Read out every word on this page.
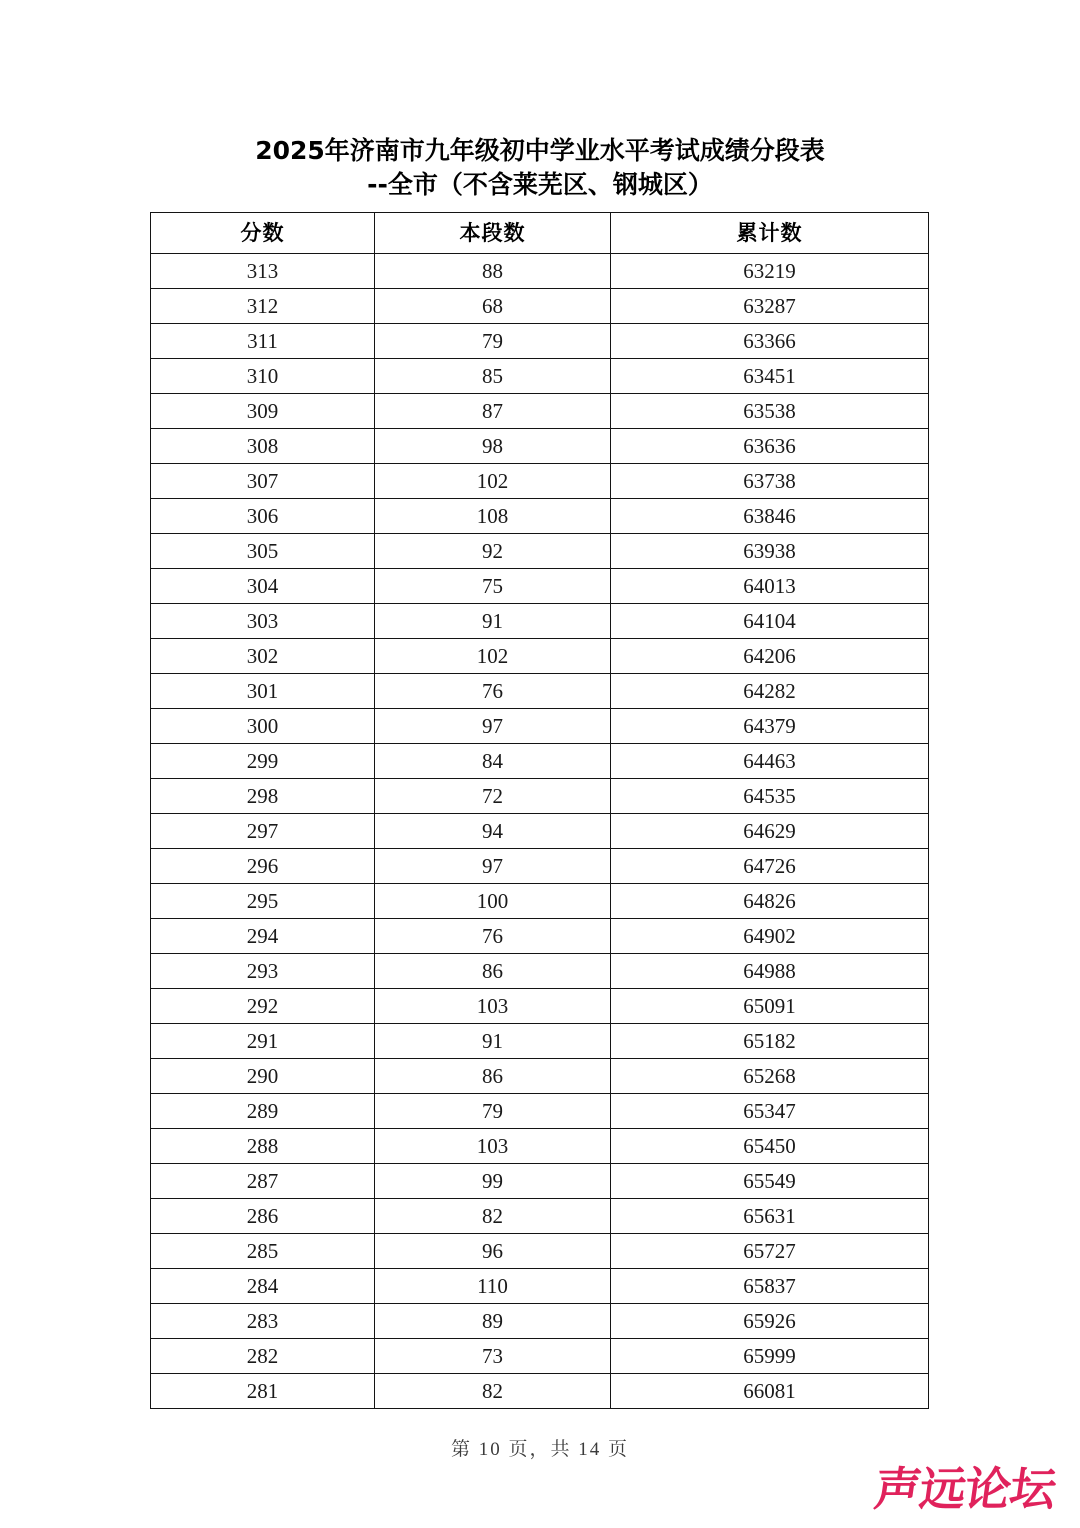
2025年济南市九年级初中学业水平考试成绩分段表
--全市（不含莱芜区、钢城区）
分数	本段数	累计数
313	88	63219
312	68	63287
311	79	63366
310	85	63451
309	87	63538
308	98	63636
307	102	63738
306	108	63846
305	92	63938
304	75	64013
303	91	64104
302	102	64206
301	76	64282
300	97	64379
299	84	64463
298	72	64535
297	94	64629
296	97	64726
295	100	64826
294	76	64902
293	86	64988
292	103	65091
291	91	65182
290	86	65268
289	79	65347
288	103	65450
287	99	65549
286	82	65631
285	96	65727
284	110	65837
283	89	65926
282	73	65999
281	82	66081
第 10 页，共 14 页
声远论坛
